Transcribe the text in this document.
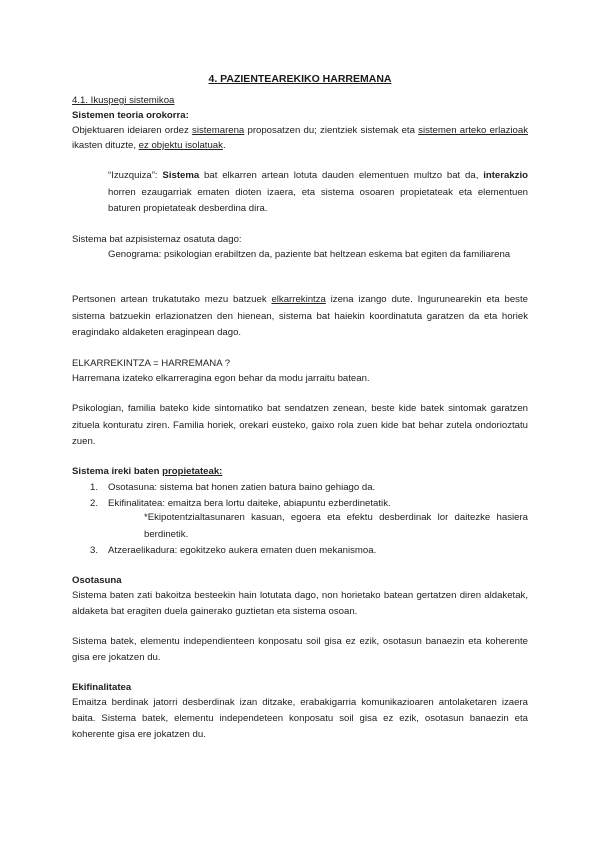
4. PAZIENTEAREKIKO HARREMANA
4.1. Ikuspegi sistemikoa
Sistemen teoria orokorra:
Objektuaren ideiaren ordez sistemarena proposatzen du; zientziek sistemak eta sistemen arteko erlazioak ikasten dituzte, ez objektu isolatuak.
“Izuzquiza”: Sistema bat elkarren artean lotuta dauden elementuen multzo bat da, interakzio horren ezaugarriak ematen dioten izaera, eta sistema osoaren propietateak eta elementuen baturen propietateak desberdina dira.
Sistema bat azpisistemaz osatuta dago:
Genograma: psikologian erabiltzen da, paziente bat heltzean eskema bat egiten da familiarena
Pertsonen artean trukatutako mezu batzuek elkarrekintza izena izango dute. Ingurunearekin eta beste sistema batzuekin erlazionatzen den hienean, sistema bat haiekin koordinatuta garatzen da eta horiek eragindako aldaketen eraginpean dago.
ELKARREKINTZA = HARREMANA ?
Harremana izateko elkarreragina egon behar da modu jarraitu batean.
Psikologian, familia bateko kide sintomatiko bat sendatzen zenean, beste kide batek sintomak garatzen zituela konturatu ziren. Familia horiek, orekari eusteko, gaixo rola zuen kide bat behar zutela ondorioztatu zuen.
Sistema ireki baten propietateak:
1. Osotasuna: sistema bat honen zatien batura baino gehiago da.
2. Ekifinalitatea: emaitza bera lortu daiteke, abiapuntu ezberdinetatik.
*Ekipotentzialtasunaren kasuan, egoera eta efektu desberdinak lor daitezke hasiera berdinetik.
3. Atzeraelikadura: egokitzeko aukera ematen duen mekanismoa.
Osotasuna
Sistema baten zati bakoitza besteekin hain lotutata dago, non horietako batean gertatzen diren aldaketak, aldaketa bat eragiten duela gainerako guztietan eta sistema osoan.
Sistema batek, elementu independienteen konposatu soil gisa ez ezik, osotasun banaezin eta koherente gisa ere jokatzen du.
Ekifinalitatea
Emaitza berdinak jatorri desberdinak izan ditzake, erabakigarria komunikazioaren antolaketaren izaera baita. Sistema batek, elementu independeteen konposatu soil gisa ez ezik, osotasun banaezin eta koherente gisa ere jokatzen du.
